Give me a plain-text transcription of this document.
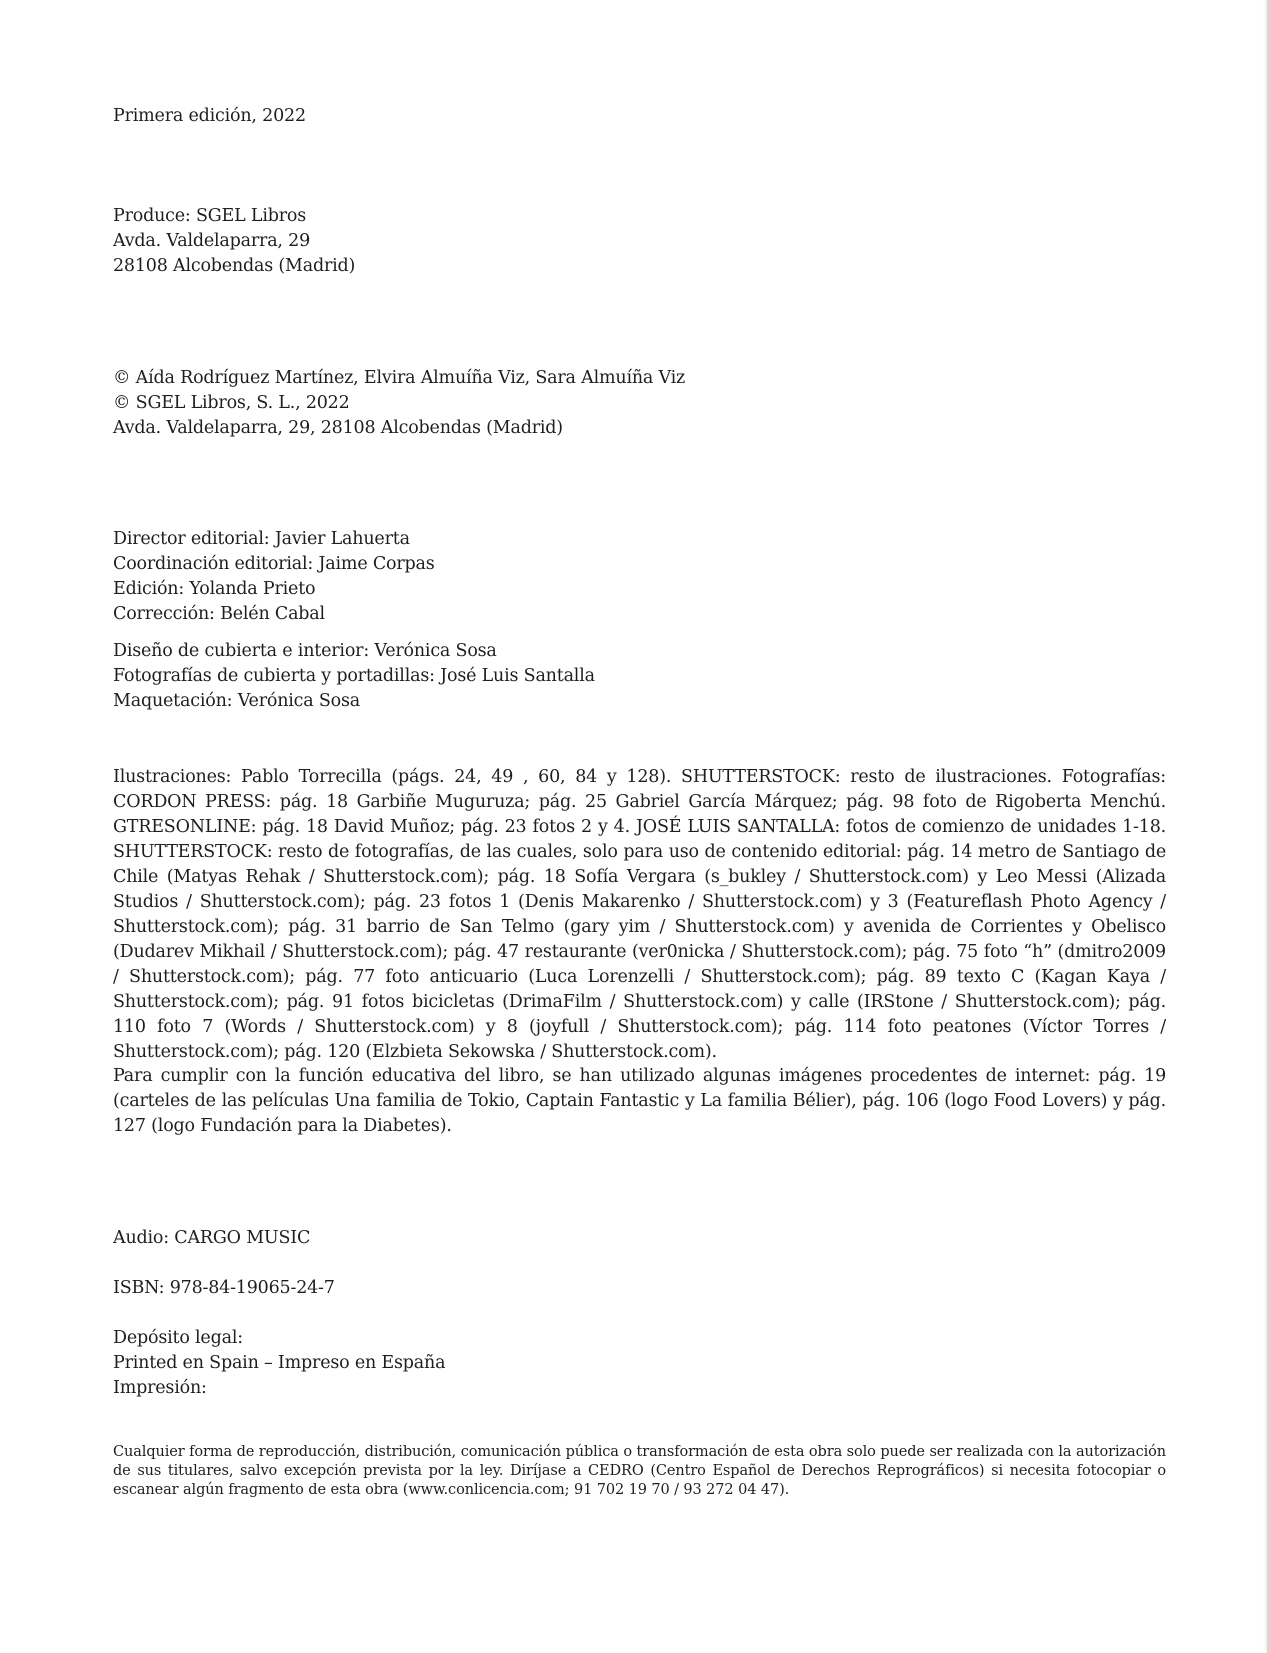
Primera edición, 2022
Produce: SGEL Libros
Avda. Valdelaparra, 29
28108 Alcobendas (Madrid)
© Aída Rodríguez Martínez, Elvira Almuíña Viz, Sara Almuíña Viz
© SGEL Libros, S. L., 2022
Avda. Valdelaparra, 29, 28108 Alcobendas (Madrid)
Director editorial: Javier Lahuerta
Coordinación editorial: Jaime Corpas
Edición: Yolanda Prieto
Corrección: Belén Cabal
Diseño de cubierta e interior: Verónica Sosa
Fotografías de cubierta y portadillas: José Luis Santalla
Maquetación: Verónica Sosa
Ilustraciones: Pablo Torrecilla (págs. 24, 49 , 60, 84 y 128). SHUTTERSTOCK: resto de ilustraciones. Fotografías: CORDON PRESS: pág. 18 Garbiñe Muguruza; pág. 25 Gabriel García Márquez; pág. 98 foto de Rigoberta Menchú. GTRESONLINE: pág. 18 David Muñoz; pág. 23 fotos 2 y 4. JOSÉ LUIS SANTALLA: fotos de comienzo de unidades 1-18. SHUTTERSTOCK: resto de fotografías, de las cuales, solo para uso de contenido editorial: pág. 14 metro de Santiago de Chile (Matyas Rehak / Shutterstock.com); pág. 18 Sofía Vergara (s_bukley / Shutterstock.com) y Leo Messi (Alizada Studios / Shutterstock.com); pág. 23 fotos 1 (Denis Makarenko / Shutterstock.com) y 3 (Featureflash Photo Agency / Shutterstock.com); pág. 31 barrio de San Telmo (gary yim / Shutterstock.com) y avenida de Corrientes y Obelisco (Dudarev Mikhail / Shutterstock.com); pág. 47 restaurante (ver0nicka / Shutterstock.com); pág. 75 foto “h” (dmitro2009 / Shutterstock.com); pág. 77 foto anticuario (Luca Lorenzelli / Shutterstock.com); pág. 89 texto C (Kagan Kaya / Shutterstock.com); pág. 91 fotos bicicletas (DrimaFilm / Shutterstock.com) y calle (IRStone / Shutterstock.com); pág. 110 foto 7 (Words / Shutterstock.com) y 8 (joyfull / Shutterstock.com); pág. 114 foto peatones (Víctor Torres / Shutterstock.com); pág. 120 (Elzbieta Sekowska / Shutterstock.com).
Para cumplir con la función educativa del libro, se han utilizado algunas imágenes procedentes de internet: pág. 19 (carteles de las películas Una familia de Tokio, Captain Fantastic y La familia Bélier), pág. 106 (logo Food Lovers) y pág. 127 (logo Fundación para la Diabetes).
Audio: CARGO MUSIC
ISBN: 978-84-19065-24-7
Depósito legal:
Printed en Spain – Impreso en España
Impresión:
Cualquier forma de reproducción, distribución, comunicación pública o transformación de esta obra solo puede ser realizada con la autorización de sus titulares, salvo excepción prevista por la ley. Diríjase a CEDRO (Centro Español de Derechos Reprográficos) si necesita fotocopiar o escanear algún fragmento de esta obra (www.conlicencia.com; 91 702 19 70 / 93 272 04 47).
